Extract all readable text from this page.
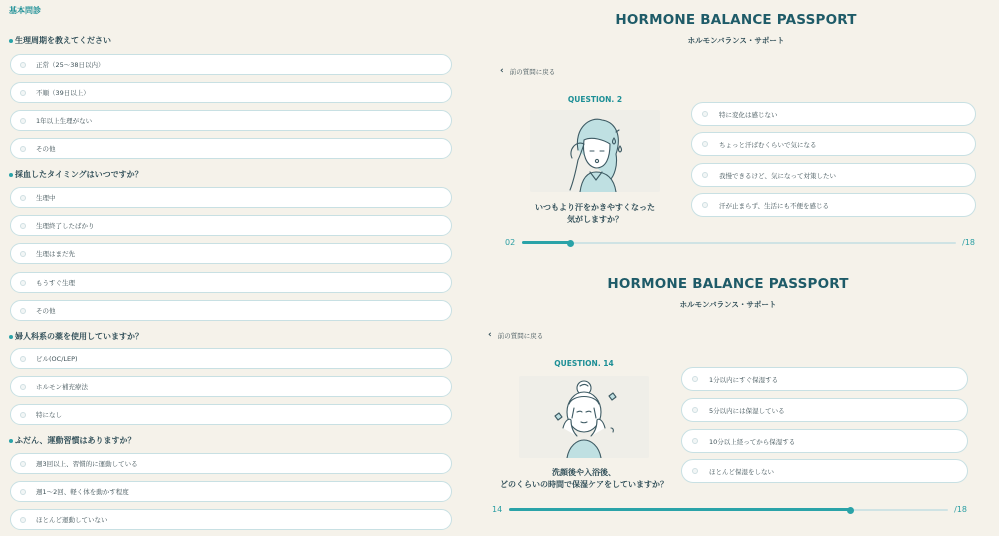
基本問診
生理周期を教えてください
正常（25〜38日以内）
不順（39日以上）
1年以上生理がない
その他
採血したタイミングはいつですか？
生理中
生理終了したばかり
生理はまだ先
もうすぐ生理
その他
婦人科系の薬を使用していますか？
ピル(OC/LEP)
ホルモン補充療法
特になし
ふだん、運動習慣はありますか？
週3回以上、習慣的に運動している
週1〜2回、軽く体を動かす程度
ほとんど運動していない
HORMONE BALANCE PASSPORT
ホルモンバランス・サポート
‹ 前の質問に戻る
QUESTION. 2
いつもより汗をかきやすくなった
気がしますか？
特に変化は感じない
ちょっと汗ばむくらいで気になる
我慢できるけど、気になって対策したい
汗が止まらず、生活にも不便を感じる
02	/18
HORMONE BALANCE PASSPORT
ホルモンバランス・サポート
‹ 前の質問に戻る
QUESTION. 14
洗顔後や入浴後、
どのくらいの時間で保湿ケアをしていますか？
1分以内にすぐ保湿する
5分以内には保湿している
10分以上経ってから保湿する
ほとんど保湿をしない
14	/18
